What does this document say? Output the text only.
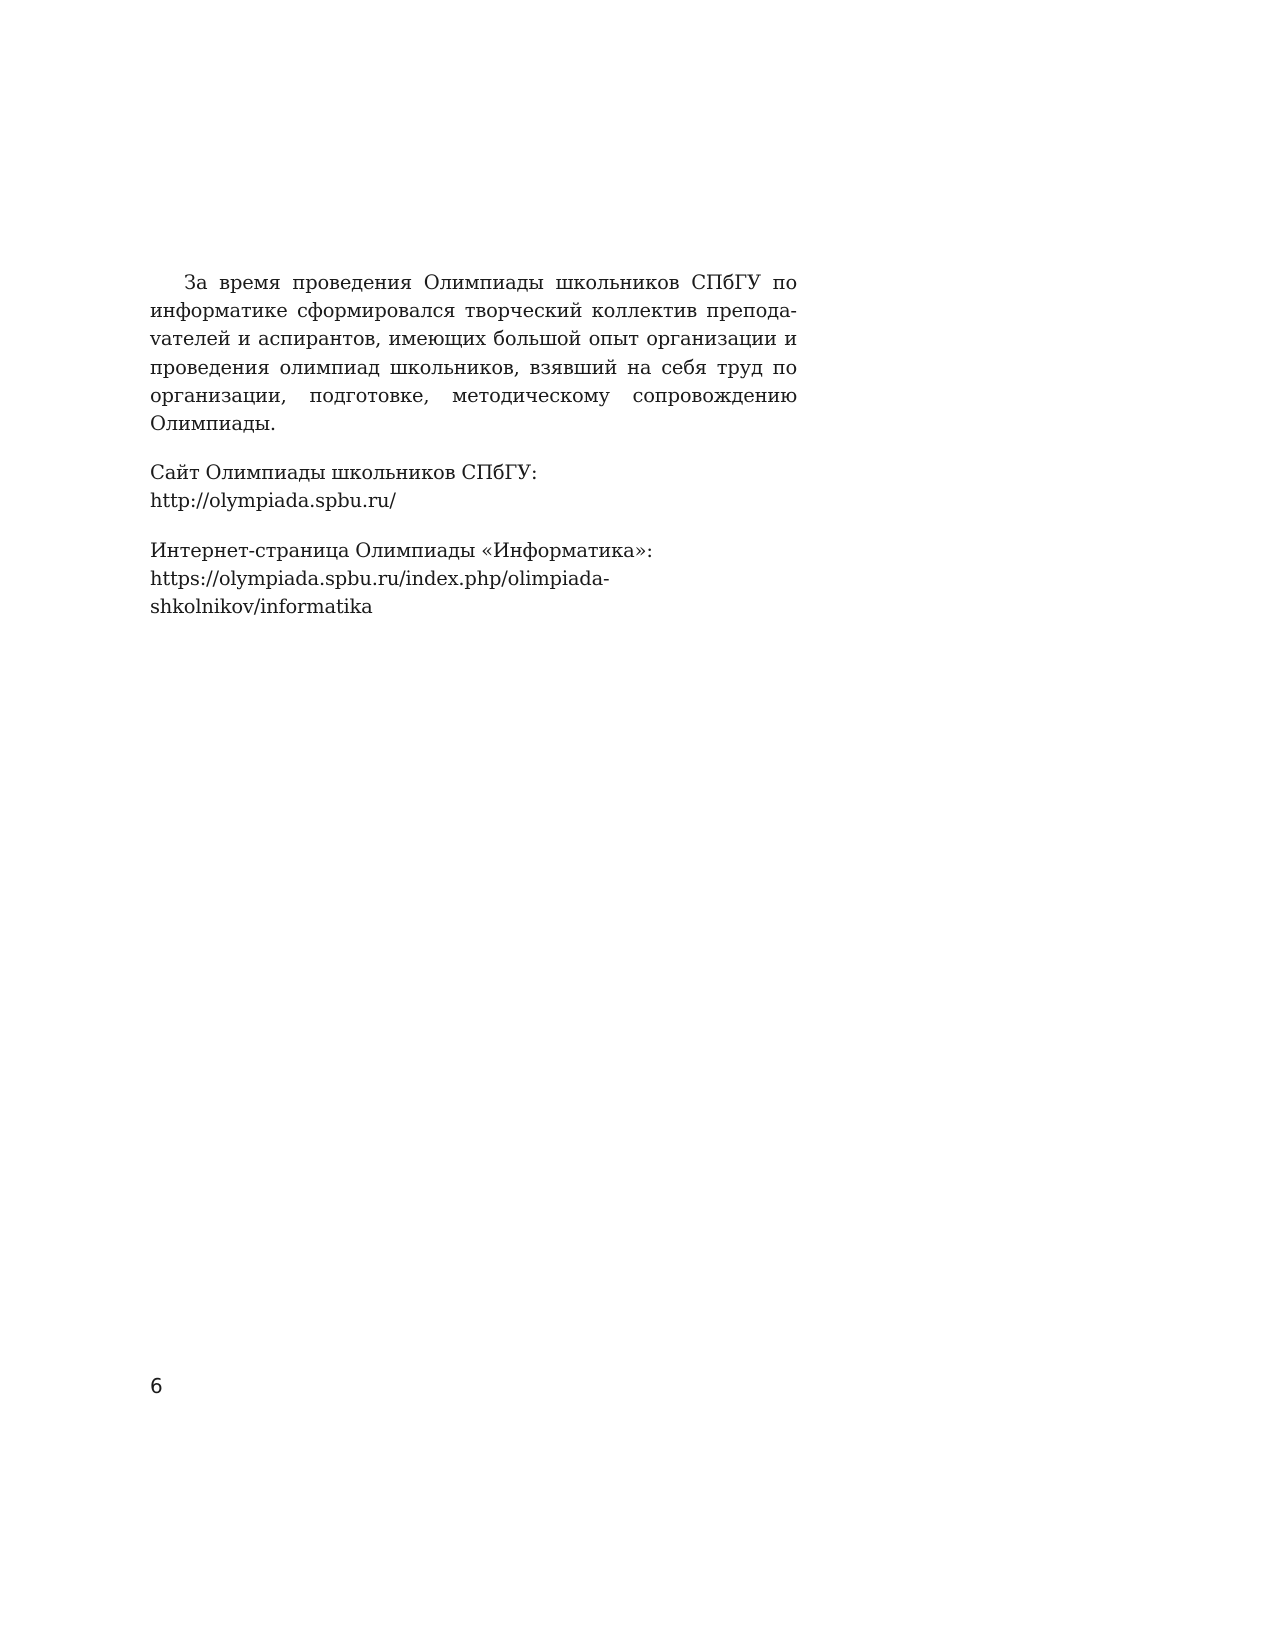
За время проведения Олимпиады школьников СПбГУ по информатике сформировался творческий коллектив преподаvателей и аспирантов, имеющих большой опыт организации и проведения олимпиад школьников, взявший на себя труд по организации, подготовке, методическому сопровождению Олимпиады.

Сайт Олимпиады школьников СПбГУ:

http://olympiada.spbu.ru/

Интернет-страница Олимпиады «Информатика»:

https://olympiada.spbu.ru/index.php/olimpiada-
shkolnikov/informatika

6
